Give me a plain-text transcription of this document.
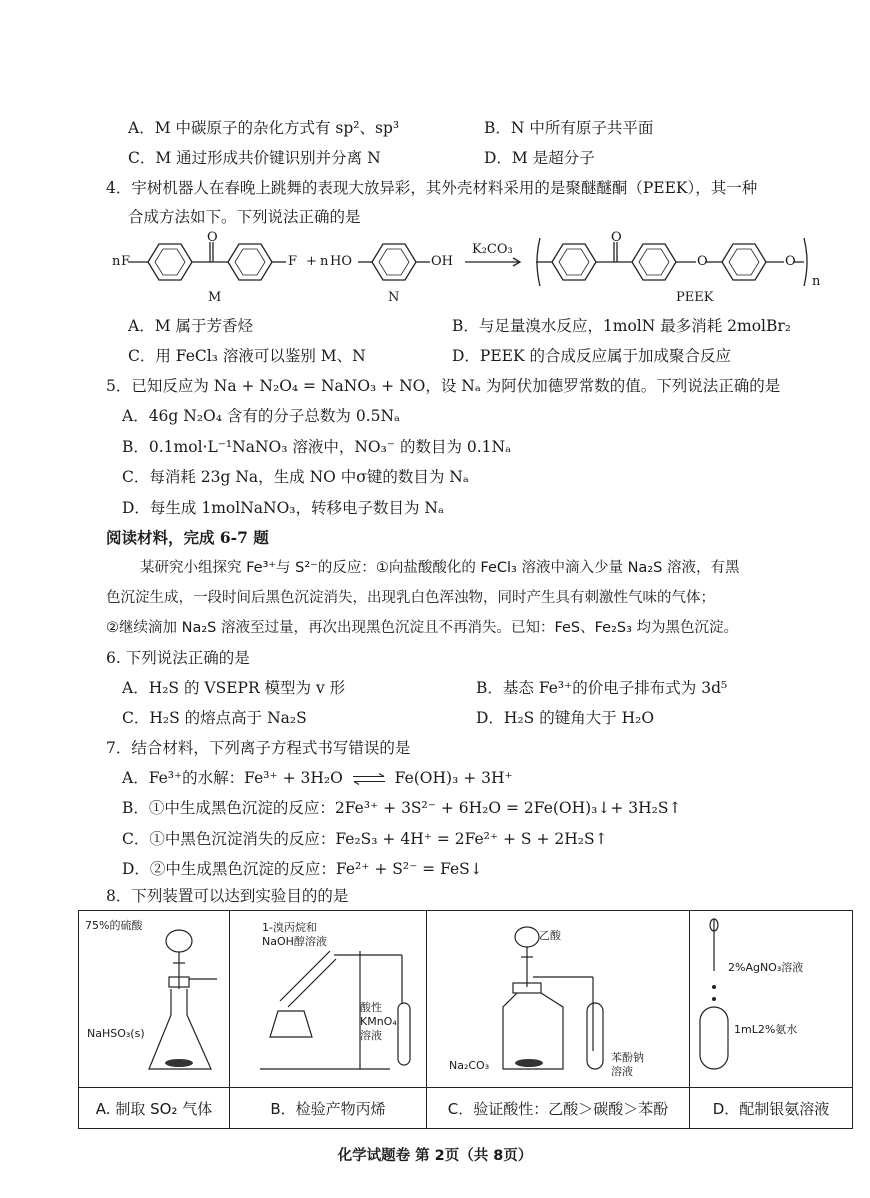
A．M 中碳原子的杂化方式有 sp²、sp³	B．N 中所有原子共平面
C．M 通过形成共价键识别并分离 N	D．M 是超分子
4．宇树机器人在春晚上跳舞的表现大放异彩，其外壳材料采用的是聚醚醚酮（PEEK），其一种
合成方法如下。下列说法正确的是
n F	F
O
+ n HO	OH
K₂CO₃
O
O	O
n
M	N	PEEK
A．M 属于芳香烃	B．与足量溴水反应，1molN 最多消耗 2molBr₂
C．用 FeCl₃ 溶液可以鉴别 M、N	D．PEEK 的合成反应属于加成聚合反应
5．已知反应为 Na + N₂O₄ = NaNO₃ + NO，设 Nₐ 为阿伏加德罗常数的值。下列说法正确的是
A．46g N₂O₄ 含有的分子总数为 0.5Nₐ
B．0.1mol·L⁻¹NaNO₃ 溶液中，NO₃⁻ 的数目为 0.1Nₐ
C．每消耗 23g Na，生成 NO 中σ键的数目为 Nₐ
D．每生成 1molNaNO₃，转移电子数目为 Nₐ
阅读材料，完成 6-7 题
某研究小组探究 Fe³⁺与 S²⁻的反应：①向盐酸酸化的 FeCl₃ 溶液中滴入少量 Na₂S 溶液，有黑
色沉淀生成，一段时间后黑色沉淀消失，出现乳白色浑浊物，同时产生具有刺激性气味的气体；
②继续滴加 Na₂S 溶液至过量，再次出现黑色沉淀且不再消失。已知：FeS、Fe₂S₃ 均为黑色沉淀。
6. 下列说法正确的是
A．H₂S 的 VSEPR 模型为 v 形	B．基态 Fe³⁺的价电子排布式为 3d⁵
C．H₂S 的熔点高于 Na₂S	D．H₂S 的键角大于 H₂O
7．结合材料，下列离子方程式书写错误的是
A．Fe³⁺的水解：Fe³⁺ + 3H₂O ⇌ Fe(OH)₃ + 3H⁺
B．①中生成黑色沉淀的反应：2Fe³⁺ + 3S²⁻ + 6H₂O = 2Fe(OH)₃↓+ 3H₂S↑
C．①中黑色沉淀消失的反应：Fe₂S₃ + 4H⁺ = 2Fe²⁺ + S + 2H₂S↑
D．②中生成黑色沉淀的反应：Fe²⁺ + S²⁻ = FeS↓
8．下列装置可以达到实验目的的是
75%的硫酸
NaHSO₃(s)	1-溴丙烷和
NaOH醇溶液
酸性
KMnO₄
溶液	乙酸
Na₂CO₃
苯酚钠
溶液	2%AgNO₃溶液
1mL2%氨水

A. 制取 SO₂ 气体	B．检验产物丙烯	C．验证酸性：乙酸＞碳酸＞苯酚	D．配制银氨溶液
化学试题卷 第 2页（共 8页）
